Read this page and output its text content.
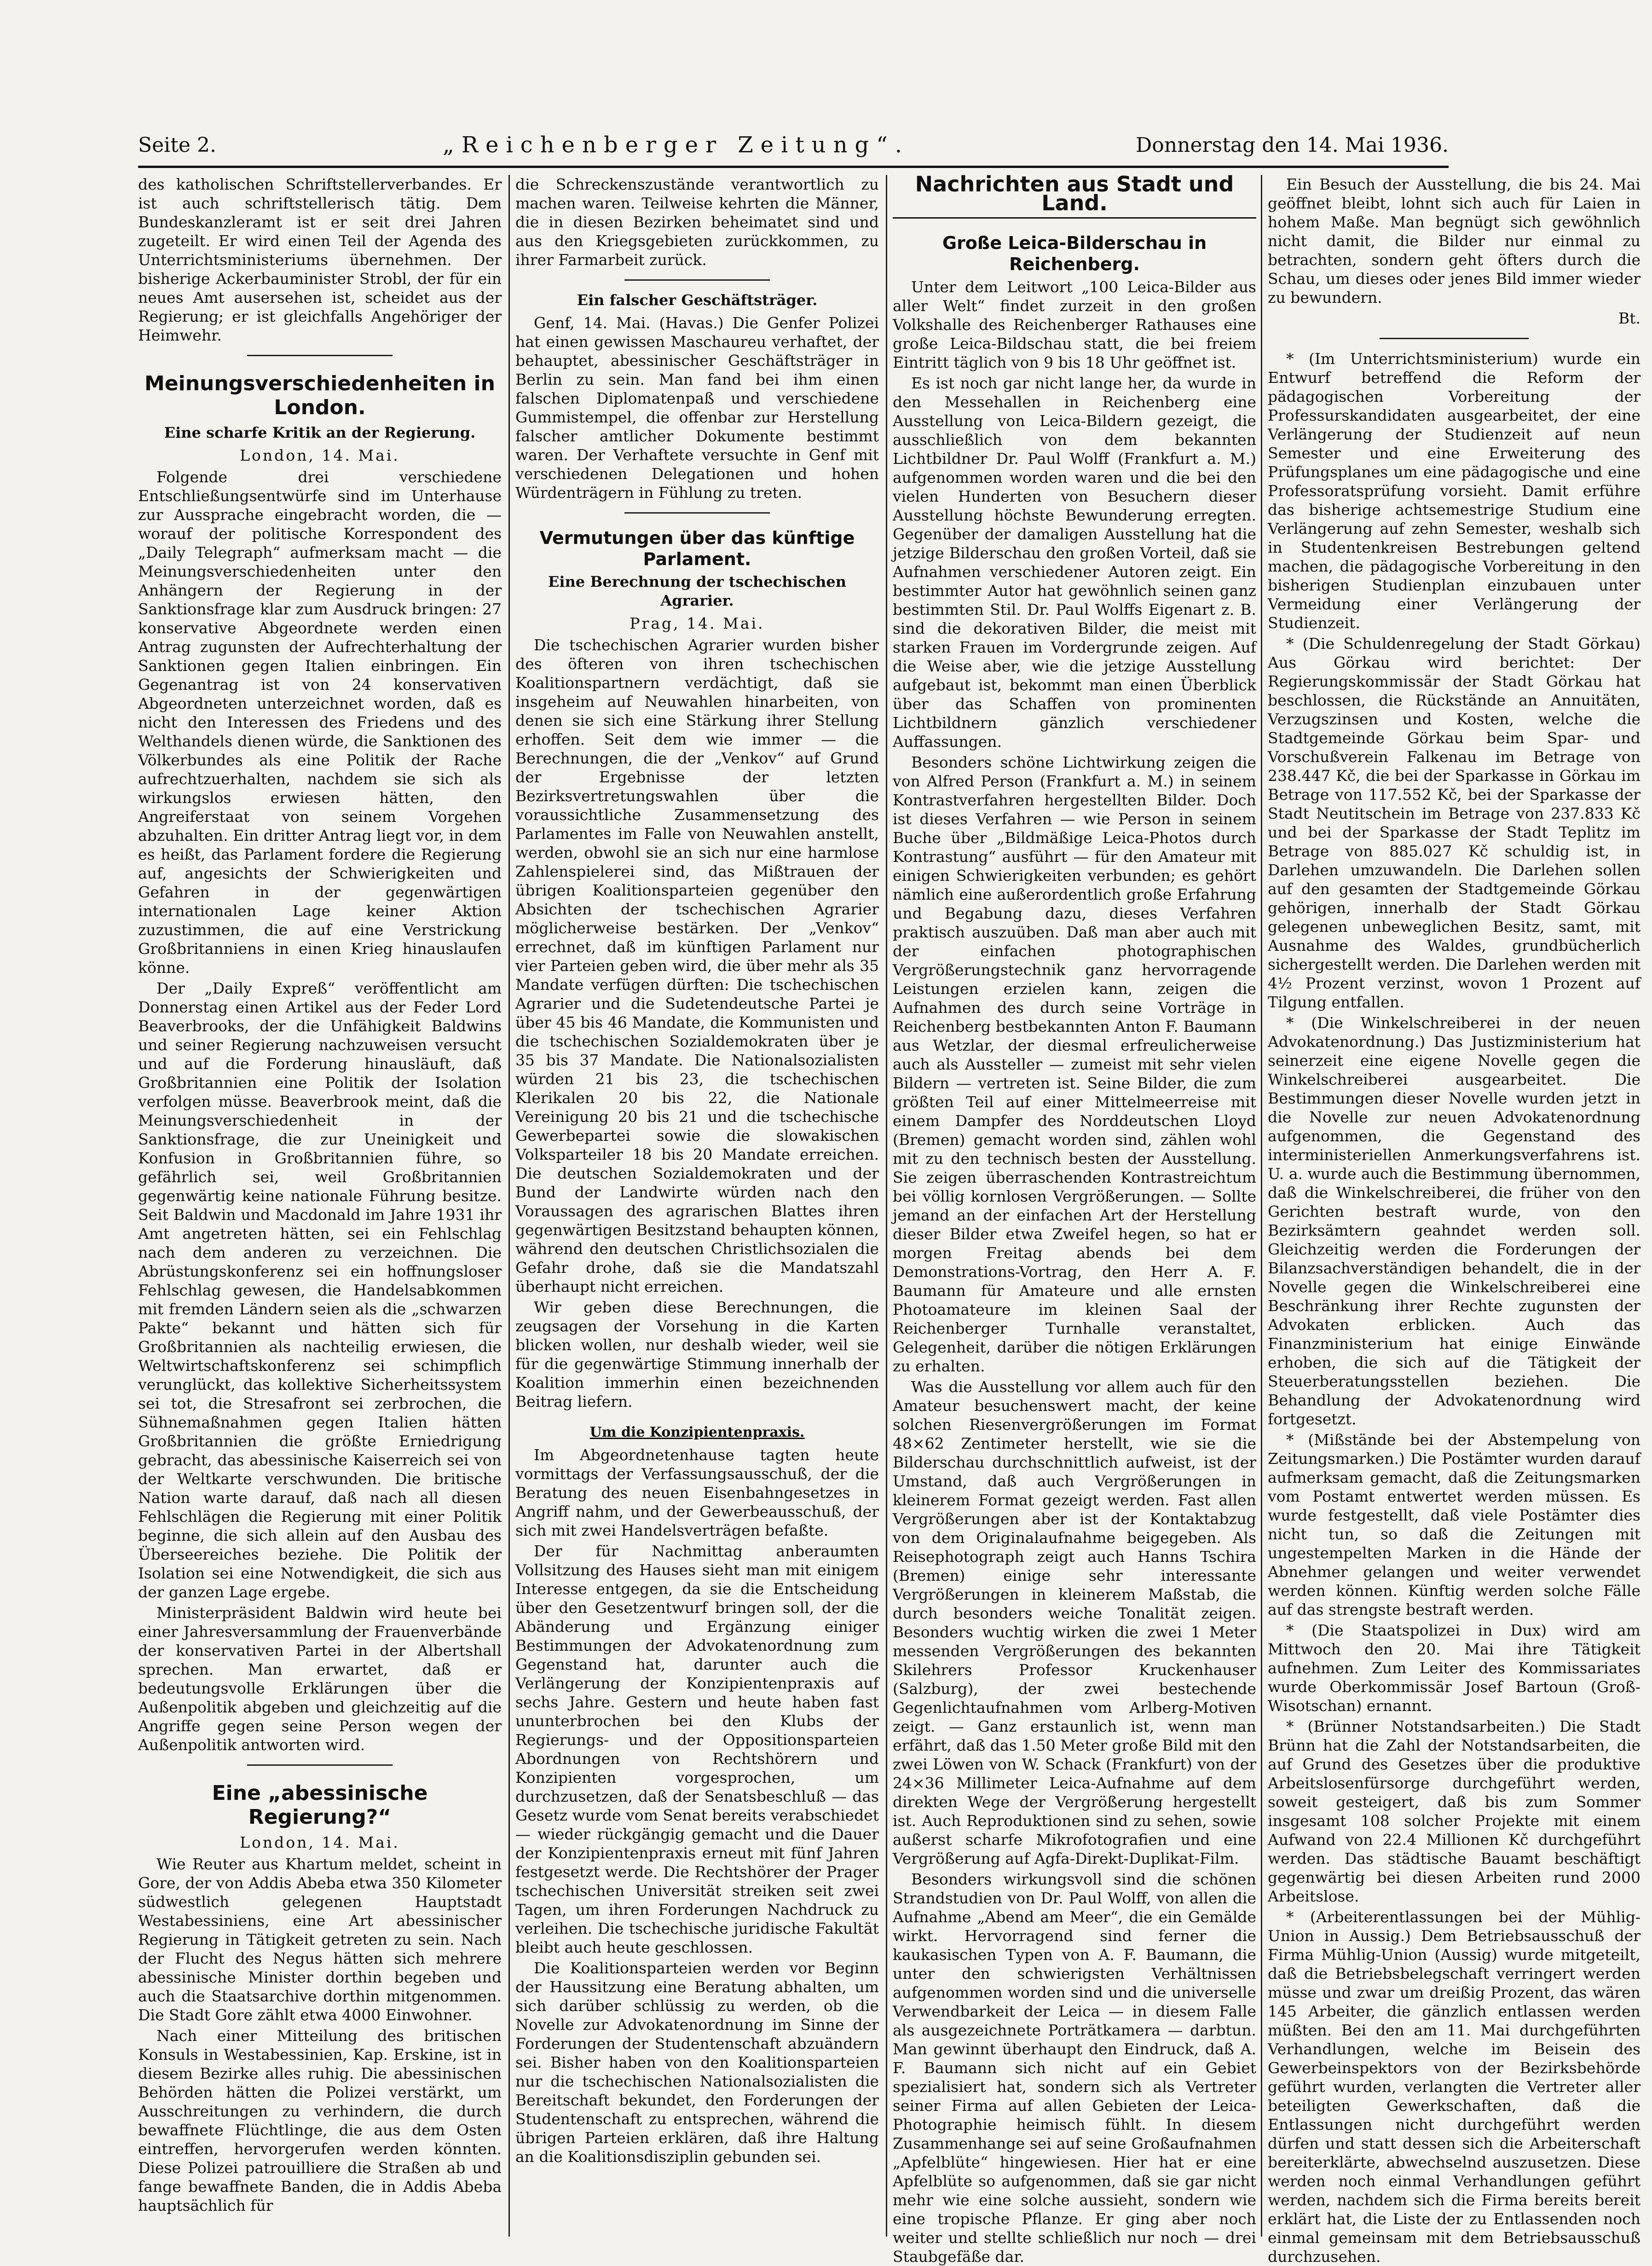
Seite 2.	„Reichenberger Zeitung“.	Donnerstag den 14. Mai 1936.

des katholischen Schriftstellerverbandes. Er ist auch schriftstellerisch tätig. Dem Bundeskanzleramt ist er seit drei Jahren zugeteilt. Er wird einen Teil der Agenda des Unterrichtsministeriums übernehmen. Der bisherige Ackerbauminister Strobl, der für ein neues Amt ausersehen ist, scheidet aus der Regierung; er ist gleichfalls Angehöriger der Heimwehr.

Meinungsverschiedenheiten in London.
Eine scharfe Kritik an der Regierung.
London, 14. Mai.

Folgende drei verschiedene Entschließungsentwürfe sind im Unterhause zur Aussprache eingebracht worden, die — worauf der politische Korrespondent des „Daily Telegraph“ aufmerksam macht — die Meinungsverschiedenheiten unter den Anhängern der Regierung in der Sanktionsfrage klar zum Ausdruck bringen: 27 konservative Abgeordnete werden einen Antrag zugunsten der Aufrechterhaltung der Sanktionen gegen Italien einbringen. Ein Gegenantrag ist von 24 konservativen Abgeordneten unterzeichnet worden, daß es nicht den Interessen des Friedens und des Welthandels dienen würde, die Sanktionen des Völkerbundes als eine Politik der Rache aufrechtzuerhalten, nachdem sie sich als wirkungslos erwiesen hätten, den Angreiferstaat von seinem Vorgehen abzuhalten. Ein dritter Antrag liegt vor, in dem es heißt, das Parlament fordere die Regierung auf, angesichts der Schwierigkeiten und Gefahren in der gegenwärtigen internationalen Lage keiner Aktion zuzustimmen, die auf eine Verstrickung Großbritanniens in einen Krieg hinauslaufen könne.

Der „Daily Expreß“ veröffentlicht am Donnerstag einen Artikel aus der Feder Lord Beaverbrooks, der die Unfähigkeit Baldwins und seiner Regierung nachzuweisen versucht und auf die Forderung hinausläuft, daß Großbritannien eine Politik der Isolation verfolgen müsse. Beaverbrook meint, daß die Meinungsverschiedenheit in der Sanktionsfrage, die zur Uneinigkeit und Konfusion in Großbritannien führe, so gefährlich sei, weil Großbritannien gegenwärtig keine nationale Führung besitze. Seit Baldwin und Macdonald im Jahre 1931 ihr Amt angetreten hätten, sei ein Fehlschlag nach dem anderen zu verzeichnen. Die Abrüstungskonferenz sei ein hoffnungsloser Fehlschlag gewesen, die Handelsabkommen mit fremden Ländern seien als die „schwarzen Pakte“ bekannt und hätten sich für Großbritannien als nachteilig erwiesen, die Weltwirtschaftskonferenz sei schimpflich verunglückt, das kollektive Sicherheitssystem sei tot, die Stresafront sei zerbrochen, die Sühnemaßnahmen gegen Italien hätten Großbritannien die größte Erniedrigung gebracht, das abessinische Kaiserreich sei von der Weltkarte verschwunden. Die britische Nation warte darauf, daß nach all diesen Fehlschlägen die Regierung mit einer Politik beginne, die sich allein auf den Ausbau des Überseereiches beziehe. Die Politik der Isolation sei eine Notwendigkeit, die sich aus der ganzen Lage ergebe.

Ministerpräsident Baldwin wird heute bei einer Jahresversammlung der Frauenverbände der konservativen Partei in der Albertshall sprechen. Man erwartet, daß er bedeutungsvolle Erklärungen über die Außenpolitik abgeben und gleichzeitig auf die Angriffe gegen seine Person wegen der Außenpolitik antworten wird.

Eine „abessinische Regierung?“
London, 14. Mai.

Wie Reuter aus Khartum meldet, scheint in Gore, der von Addis Abeba etwa 350 Kilometer südwestlich gelegenen Hauptstadt Westabessiniens, eine Art abessinischer Regierung in Tätigkeit getreten zu sein. Nach der Flucht des Negus hätten sich mehrere abessinische Minister dorthin begeben und auch die Staatsarchive dorthin mitgenommen. Die Stadt Gore zählt etwa 4000 Einwohner.

Nach einer Mitteilung des britischen Konsuls in Westabessinien, Kap. Erskine, ist in diesem Bezirke alles ruhig. Die abessinischen Behörden hätten die Polizei verstärkt, um Ausschreitungen zu verhindern, die durch bewaffnete Flüchtlinge, die aus dem Osten eintreffen, hervorgerufen werden könnten. Diese Polizei patrouilliere die Straßen ab und fange bewaffnete Banden, die in Addis Abeba hauptsächlich für

die Schreckenszustände verantwortlich zu machen waren. Teilweise kehrten die Männer, die in diesen Bezirken beheimatet sind und aus den Kriegsgebieten zurückkommen, zu ihrer Farmarbeit zurück.

Ein falscher Geschäftsträger.

Genf, 14. Mai. (Havas.) Die Genfer Polizei hat einen gewissen Maschaureu verhaftet, der behauptet, abessinischer Geschäftsträger in Berlin zu sein. Man fand bei ihm einen falschen Diplomatenpaß und verschiedene Gummistempel, die offenbar zur Herstellung falscher amtlicher Dokumente bestimmt waren. Der Verhaftete versuchte in Genf mit verschiedenen Delegationen und hohen Würdenträgern in Fühlung zu treten.

Vermutungen über das künftige Parlament.
Eine Berechnung der tschechischen Agrarier.
Prag, 14. Mai.

Die tschechischen Agrarier wurden bisher des öfteren von ihren tschechischen Koalitionspartnern verdächtigt, daß sie insgeheim auf Neuwahlen hinarbeiten, von denen sie sich eine Stärkung ihrer Stellung erhoffen. Seit dem wie immer — die Berechnungen, die der „Venkov“ auf Grund der Ergebnisse der letzten Bezirksvertretungswahlen über die voraussichtliche Zusammensetzung des Parlamentes im Falle von Neuwahlen anstellt, werden, obwohl sie an sich nur eine harmlose Zahlenspielerei sind, das Mißtrauen der übrigen Koalitionsparteien gegenüber den Absichten der tschechischen Agrarier möglicherweise bestärken. Der „Venkov“ errechnet, daß im künftigen Parlament nur vier Parteien geben wird, die über mehr als 35 Mandate verfügen dürften: Die tschechischen Agrarier und die Sudetendeutsche Partei je über 45 bis 46 Mandate, die Kommunisten und die tschechischen Sozialdemokraten über je 35 bis 37 Mandate. Die Nationalsozialisten würden 21 bis 23, die tschechischen Klerikalen 20 bis 22, die Nationale Vereinigung 20 bis 21 und die tschechische Gewerbepartei sowie die slowakischen Volksparteiler 18 bis 20 Mandate erreichen. Die deutschen Sozialdemokraten und der Bund der Landwirte würden nach den Voraussagen des agrarischen Blattes ihren gegenwärtigen Besitzstand behaupten können, während den deutschen Christlichsozialen die Gefahr drohe, daß sie die Mandatszahl überhaupt nicht erreichen.

Wir geben diese Berechnungen, die zeugsagen der Vorsehung in die Karten blicken wollen, nur deshalb wieder, weil sie für die gegenwärtige Stimmung innerhalb der Koalition immerhin einen bezeichnenden Beitrag liefern.

Um die Konzipientenpraxis.

Im Abgeordnetenhause tagten heute vormittags der Verfassungsausschuß, der die Beratung des neuen Eisenbahngesetzes in Angriff nahm, und der Gewerbeausschuß, der sich mit zwei Handelsverträgen befaßte.

Der für Nachmittag anberaumten Vollsitzung des Hauses sieht man mit einigem Interesse entgegen, da sie die Entscheidung über den Gesetzentwurf bringen soll, der die Abänderung und Ergänzung einiger Bestimmungen der Advokatenordnung zum Gegenstand hat, darunter auch die Verlängerung der Konzipientenpraxis auf sechs Jahre. Gestern und heute haben fast ununterbrochen bei den Klubs der Regierungs- und der Oppositionsparteien Abordnungen von Rechtshörern und Konzipienten vorgesprochen, um durchzusetzen, daß der Senatsbeschluß — das Gesetz wurde vom Senat bereits verabschiedet — wieder rückgängig gemacht und die Dauer der Konzipientenpraxis erneut mit fünf Jahren festgesetzt werde. Die Rechtshörer der Prager tschechischen Universität streiken seit zwei Tagen, um ihren Forderungen Nachdruck zu verleihen. Die tschechische juridische Fakultät bleibt auch heute geschlossen.

Die Koalitionsparteien werden vor Beginn der Haussitzung eine Beratung abhalten, um sich darüber schlüssig zu werden, ob die Novelle zur Advokatenordnung im Sinne der Forderungen der Studentenschaft abzuändern sei. Bisher haben von den Koalitionsparteien nur die tschechischen Nationalsozialisten die Bereitschaft bekundet, den Forderungen der Studentenschaft zu entsprechen, während die übrigen Parteien erklären, daß ihre Haltung an die Koalitionsdisziplin gebunden sei.

Nachrichten aus Stadt und Land.
Große Leica-Bilderschau in Reichenberg.

Unter dem Leitwort „100 Leica-Bilder aus aller Welt“ findet zurzeit in den großen Volkshalle des Reichenberger Rathauses eine große Leica-Bildschau statt, die bei freiem Eintritt täglich von 9 bis 18 Uhr geöffnet ist.

Es ist noch gar nicht lange her, da wurde in den Messehallen in Reichenberg eine Ausstellung von Leica-Bildern gezeigt, die ausschließlich von dem bekannten Lichtbildner Dr. Paul Wolff (Frankfurt a. M.) aufgenommen worden waren und die bei den vielen Hunderten von Besuchern dieser Ausstellung höchste Bewunderung erregten. Gegenüber der damaligen Ausstellung hat die jetzige Bilderschau den großen Vorteil, daß sie Aufnahmen verschiedener Autoren zeigt. Ein bestimmter Autor hat gewöhnlich seinen ganz bestimmten Stil. Dr. Paul Wolffs Eigenart z. B. sind die dekorativen Bilder, die meist mit starken Frauen im Vordergrunde zeigen. Auf die Weise aber, wie die jetzige Ausstellung aufgebaut ist, bekommt man einen Überblick über das Schaffen von prominenten Lichtbildnern gänzlich verschiedener Auffassungen.

Besonders schöne Lichtwirkung zeigen die von Alfred Person (Frankfurt a. M.) in seinem Kontrastverfahren hergestellten Bilder. Doch ist dieses Verfahren — wie Person in seinem Buche über „Bildmäßige Leica-Photos durch Kontrastung“ ausführt — für den Amateur mit einigen Schwierigkeiten verbunden; es gehört nämlich eine außerordentlich große Erfahrung und Begabung dazu, dieses Verfahren praktisch auszuüben. Daß man aber auch mit der einfachen photographischen Vergrößerungstechnik ganz hervorragende Leistungen erzielen kann, zeigen die Aufnahmen des durch seine Vorträge in Reichenberg bestbekannten Anton F. Baumann aus Wetzlar, der diesmal erfreulicherweise auch als Aussteller — zumeist mit sehr vielen Bildern — vertreten ist. Seine Bilder, die zum größten Teil auf einer Mittelmeerreise mit einem Dampfer des Norddeutschen Lloyd (Bremen) gemacht worden sind, zählen wohl mit zu den technisch besten der Ausstellung. Sie zeigen überraschenden Kontrastreichtum bei völlig kornlosen Vergrößerungen. — Sollte jemand an der einfachen Art der Herstellung dieser Bilder etwa Zweifel hegen, so hat er morgen Freitag abends bei dem Demonstrations-Vortrag, den Herr A. F. Baumann für Amateure und alle ernsten Photoamateure im kleinen Saal der Reichenberger Turnhalle veranstaltet, Gelegenheit, darüber die nötigen Erklärungen zu erhalten.

Was die Ausstellung vor allem auch für den Amateur besuchenswert macht, der keine solchen Riesenvergrößerungen im Format 48×62 Zentimeter herstellt, wie sie die Bilderschau durchschnittlich aufweist, ist der Umstand, daß auch Vergrößerungen in kleinerem Format gezeigt werden. Fast allen Vergrößerungen aber ist der Kontaktabzug von dem Originalaufnahme beigegeben. Als Reisephotograph zeigt auch Hanns Tschira (Bremen) einige sehr interessante Vergrößerungen in kleinerem Maßstab, die durch besonders weiche Tonalität zeigen. Besonders wuchtig wirken die zwei 1 Meter messenden Vergrößerungen des bekannten Skilehrers Professor Kruckenhauser (Salzburg), der zwei bestechende Gegenlichtaufnahmen vom Arlberg-Motiven zeigt. — Ganz erstaunlich ist, wenn man erfährt, daß das 1.50 Meter große Bild mit den zwei Löwen von W. Schack (Frankfurt) von der 24×36 Millimeter Leica-Aufnahme auf dem direkten Wege der Vergrößerung hergestellt ist. Auch Reproduktionen sind zu sehen, sowie außerst scharfe Mikrofotografien und eine Vergrößerung auf Agfa-Direkt-Duplikat-Film.

Besonders wirkungsvoll sind die schönen Strandstudien von Dr. Paul Wolff, von allen die Aufnahme „Abend am Meer“, die ein Gemälde wirkt. Hervorragend sind ferner die kaukasischen Typen von A. F. Baumann, die unter den schwierigsten Verhältnissen aufgenommen worden sind und die universelle Verwendbarkeit der Leica — in diesem Falle als ausgezeichnete Porträtkamera — darbtun. Man gewinnt überhaupt den Eindruck, daß A. F. Baumann sich nicht auf ein Gebiet spezialisiert hat, sondern sich als Vertreter seiner Firma auf allen Gebieten der Leica-Photographie heimisch fühlt. In diesem Zusammenhange sei auf seine Großaufnahmen „Apfelblüte“ hingewiesen. Hier hat er eine Apfelblüte so aufgenommen, daß sie gar nicht mehr wie eine solche aussieht, sondern wie eine tropische Pflanze. Er ging aber noch weiter und stellte schließlich nur noch — drei Staubgefäße dar.

Ein Besuch der Ausstellung, die bis 24. Mai geöffnet bleibt, lohnt sich auch für Laien in hohem Maße. Man begnügt sich gewöhnlich nicht damit, die Bilder nur einmal zu betrachten, sondern geht öfters durch die Schau, um dieses oder jenes Bild immer wieder zu bewundern.

Bt.

* (Im Unterrichtsministerium) wurde ein Entwurf betreffend die Reform der pädagogischen Vorbereitung der Professurskandidaten ausgearbeitet, der eine Verlängerung der Studienzeit auf neun Semester und eine Erweiterung des Prüfungsplanes um eine pädagogische und eine Professoratsprüfung vorsieht. Damit erführe das bisherige achtsemestrige Studium eine Verlängerung auf zehn Semester, weshalb sich in Studentenkreisen Bestrebungen geltend machen, die pädagogische Vorbereitung in den bisherigen Studienplan einzubauen unter Vermeidung einer Verlängerung der Studienzeit.

* (Die Schuldenregelung der Stadt Görkau) Aus Görkau wird berichtet: Der Regierungskommissär der Stadt Görkau hat beschlossen, die Rückstände an Annuitäten, Verzugszinsen und Kosten, welche die Stadtgemeinde Görkau beim Spar- und Vorschußverein Falkenau im Betrage von 238.447 Kč, die bei der Sparkasse in Görkau im Betrage von 117.552 Kč, bei der Sparkasse der Stadt Neutitschein im Betrage von 237.833 Kč und bei der Sparkasse der Stadt Teplitz im Betrage von 885.027 Kč schuldig ist, in Darlehen umzuwandeln. Die Darlehen sollen auf den gesamten der Stadtgemeinde Görkau gehörigen, innerhalb der Stadt Görkau gelegenen unbeweglichen Besitz, samt, mit Ausnahme des Waldes, grundbücherlich sichergestellt werden. Die Darlehen werden mit 4½ Prozent verzinst, wovon 1 Prozent auf Tilgung entfallen.

* (Die Winkelschreiberei in der neuen Advokatenordnung.) Das Justizministerium hat seinerzeit eine eigene Novelle gegen die Winkelschreiberei ausgearbeitet. Die Bestimmungen dieser Novelle wurden jetzt in die Novelle zur neuen Advokatenordnung aufgenommen, die Gegenstand des interministeriellen Anmerkungsverfahrens ist. U. a. wurde auch die Bestimmung übernommen, daß die Winkelschreiberei, die früher von den Gerichten bestraft wurde, von den Bezirksämtern geahndet werden soll. Gleichzeitig werden die Forderungen der Bilanzsachverständigen behandelt, die in der Novelle gegen die Winkelschreiberei eine Beschränkung ihrer Rechte zugunsten der Advokaten erblicken. Auch das Finanzministerium hat einige Einwände erhoben, die sich auf die Tätigkeit der Steuerberatungsstellen beziehen. Die Behandlung der Advokatenordnung wird fortgesetzt.

* (Mißstände bei der Abstempelung von Zeitungsmarken.) Die Postämter wurden darauf aufmerksam gemacht, daß die Zeitungsmarken vom Postamt entwertet werden müssen. Es wurde festgestellt, daß viele Postämter dies nicht tun, so daß die Zeitungen mit ungestempelten Marken in die Hände der Abnehmer gelangen und weiter verwendet werden können. Künftig werden solche Fälle auf das strengste bestraft werden.

* (Die Staatspolizei in Dux) wird am Mittwoch den 20. Mai ihre Tätigkeit aufnehmen. Zum Leiter des Kommissariates wurde Oberkommissär Josef Bartoun (Groß-Wisotschan) ernannt.

* (Brünner Notstandsarbeiten.) Die Stadt Brünn hat die Zahl der Notstandsarbeiten, die auf Grund des Gesetzes über die produktive Arbeitslosenfürsorge durchgeführt werden, soweit gesteigert, daß bis zum Sommer insgesamt 108 solcher Projekte mit einem Aufwand von 22.4 Millionen Kč durchgeführt werden. Das städtische Bauamt beschäftigt gegenwärtig bei diesen Arbeiten rund 2000 Arbeitslose.

* (Arbeiterentlassungen bei der Mühlig-Union in Aussig.) Dem Betriebsausschuß der Firma Mühlig-Union (Aussig) wurde mitgeteilt, daß die Betriebsbelegschaft verringert werden müsse und zwar um dreißig Prozent, das wären 145 Arbeiter, die gänzlich entlassen werden müßten. Bei den am 11. Mai durchgeführten Verhandlungen, welche im Beisein des Gewerbeinspektors von der Bezirksbehörde geführt wurden, verlangten die Vertreter aller beteiligten Gewerkschaften, daß die Entlassungen nicht durchgeführt werden dürfen und statt dessen sich die Arbeiterschaft bereiterklärte, abwechselnd auszusetzen. Diese werden noch einmal Verhandlungen geführt werden, nachdem sich die Firma bereits bereit erklärt hat, die Liste der zu Entlassenden noch einmal gemeinsam mit dem Betriebsausschuß durchzusehen.
